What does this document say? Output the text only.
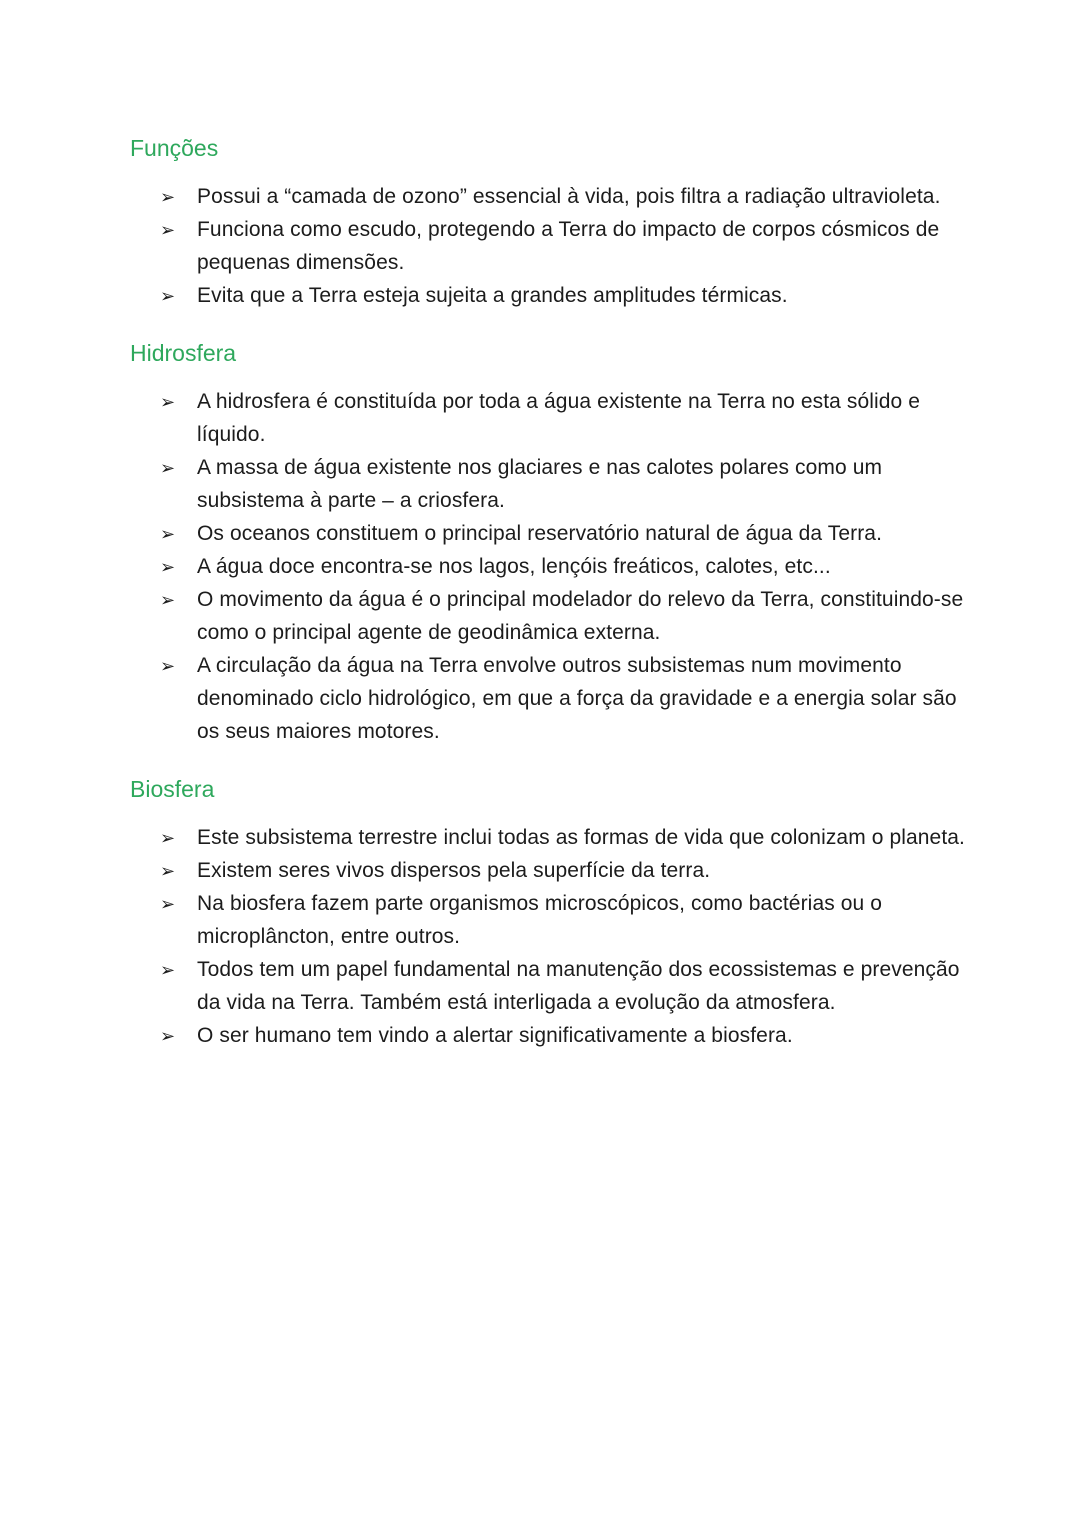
Funções
➢ Possui a “camada de ozono” essencial à vida, pois filtra a radiação ultravioleta.
➢ Funciona como escudo, protegendo a Terra do impacto de corpos cósmicos de pequenas dimensões.
➢ Evita que a Terra esteja sujeita a grandes amplitudes térmicas.
Hidrosfera
➢ A hidrosfera é constituída por toda a água existente na Terra no esta sólido e líquido.
➢ A massa de água existente nos glaciares e nas calotes polares como um subsistema à parte – a criosfera.
➢ Os oceanos constituem o principal reservatório natural de água da Terra.
➢ A água doce encontra-se nos lagos, lençóis freáticos, calotes, etc...
➢ O movimento da água é o principal modelador do relevo da Terra, constituindo-se como o principal agente de geodinâmica externa.
➢ A circulação da água na Terra envolve outros subsistemas num movimento denominado ciclo hidrológico, em que a força da gravidade e a energia solar são os seus maiores motores.
Biosfera
➢ Este subsistema terrestre inclui todas as formas de vida que colonizam o planeta.
➢ Existem seres vivos dispersos pela superfície da terra.
➢ Na biosfera fazem parte organismos microscópicos, como bactérias ou o microplâncton, entre outros.
➢ Todos tem um papel fundamental na manutenção dos ecossistemas e prevenção da vida na Terra. Também está interligada a evolução da atmosfera.
➢ O ser humano tem vindo a alertar significativamente a biosfera.
